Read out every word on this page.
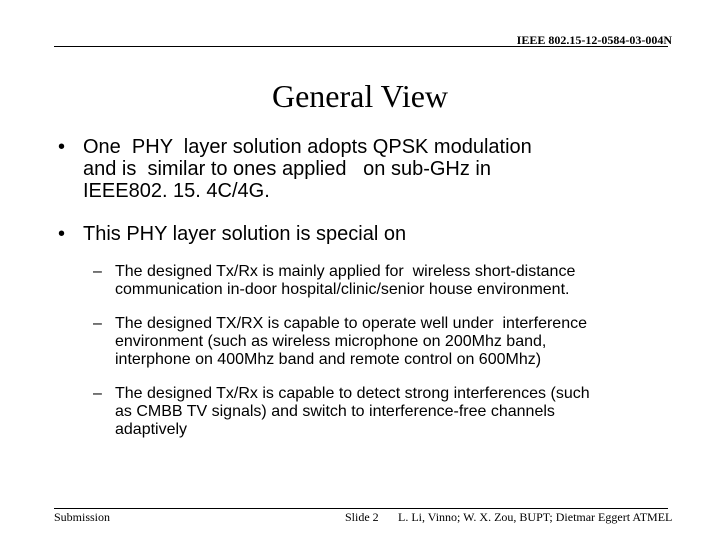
IEEE 802.15-12-0584-03-004N
General View
• One  PHY  layer solution adopts QPSK modulation
and is  similar to ones applied   on sub-GHz in
IEEE802. 15. 4C/4G.
• This PHY layer solution is special on
– The designed Tx/Rx is mainly applied for  wireless short-distance
communication in-door hospital/clinic/senior house environment.
– The designed TX/RX is capable to operate well under  interference
environment (such as wireless microphone on 200Mhz band,
interphone on 400Mhz band and remote control on 600Mhz)
– The designed Tx/Rx is capable to detect strong interferences (such
as CMBB TV signals) and switch to interference-free channels
adaptively
Submission	Slide 2 L. Li, Vinno; W. X. Zou, BUPT; Dietmar Eggert ATMEL
